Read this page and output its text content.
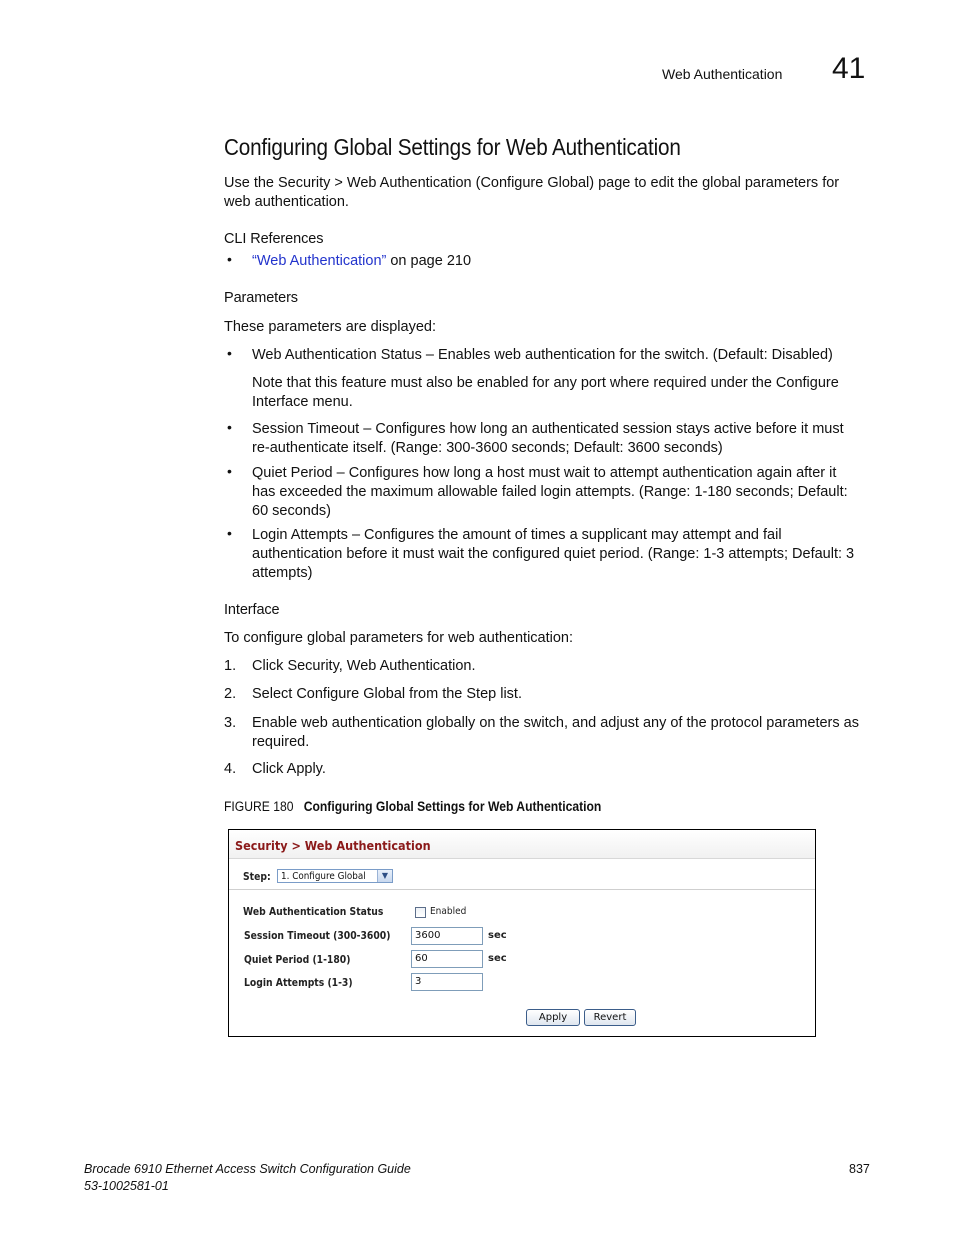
Web Authentication 41
Configuring Global Settings for Web Authentication
Use the Security > Web Authentication (Configure Global) page to edit the global parameters for
web authentication.
CLI References
• “Web Authentication” on page 210
Parameters
These parameters are displayed:
• Web Authentication Status – Enables web authentication for the switch. (Default: Disabled)
Note that this feature must also be enabled for any port where required under the Configure
Interface menu.
• Session Timeout – Configures how long an authenticated session stays active before it must
re-authenticate itself. (Range: 300-3600 seconds; Default: 3600 seconds)
• Quiet Period – Configures how long a host must wait to attempt authentication again after it
has exceeded the maximum allowable failed login attempts. (Range: 1-180 seconds; Default:
60 seconds)
• Login Attempts – Configures the amount of times a supplicant may attempt and fail
authentication before it must wait the configured quiet period. (Range: 1-3 attempts; Default: 3
attempts)
Interface
To configure global parameters for web authentication:
1. Click Security, Web Authentication.
2. Select Configure Global from the Step list.
3. Enable web authentication globally on the switch, and adjust any of the protocol parameters as
required.
4. Click Apply.
FIGURE 180 Configuring Global Settings for Web Authentication
Security > Web Authentication
Step:	1. Configure Global	▼
Web Authentication Status	Enabled
Session Timeout (300-3600)	3600	sec
Quiet Period (1-180)	60	sec
Login Attempts (1-3)	3
Apply	Revert
Brocade 6910 Ethernet Access Switch Configuration Guide
53-1002581-01
837
